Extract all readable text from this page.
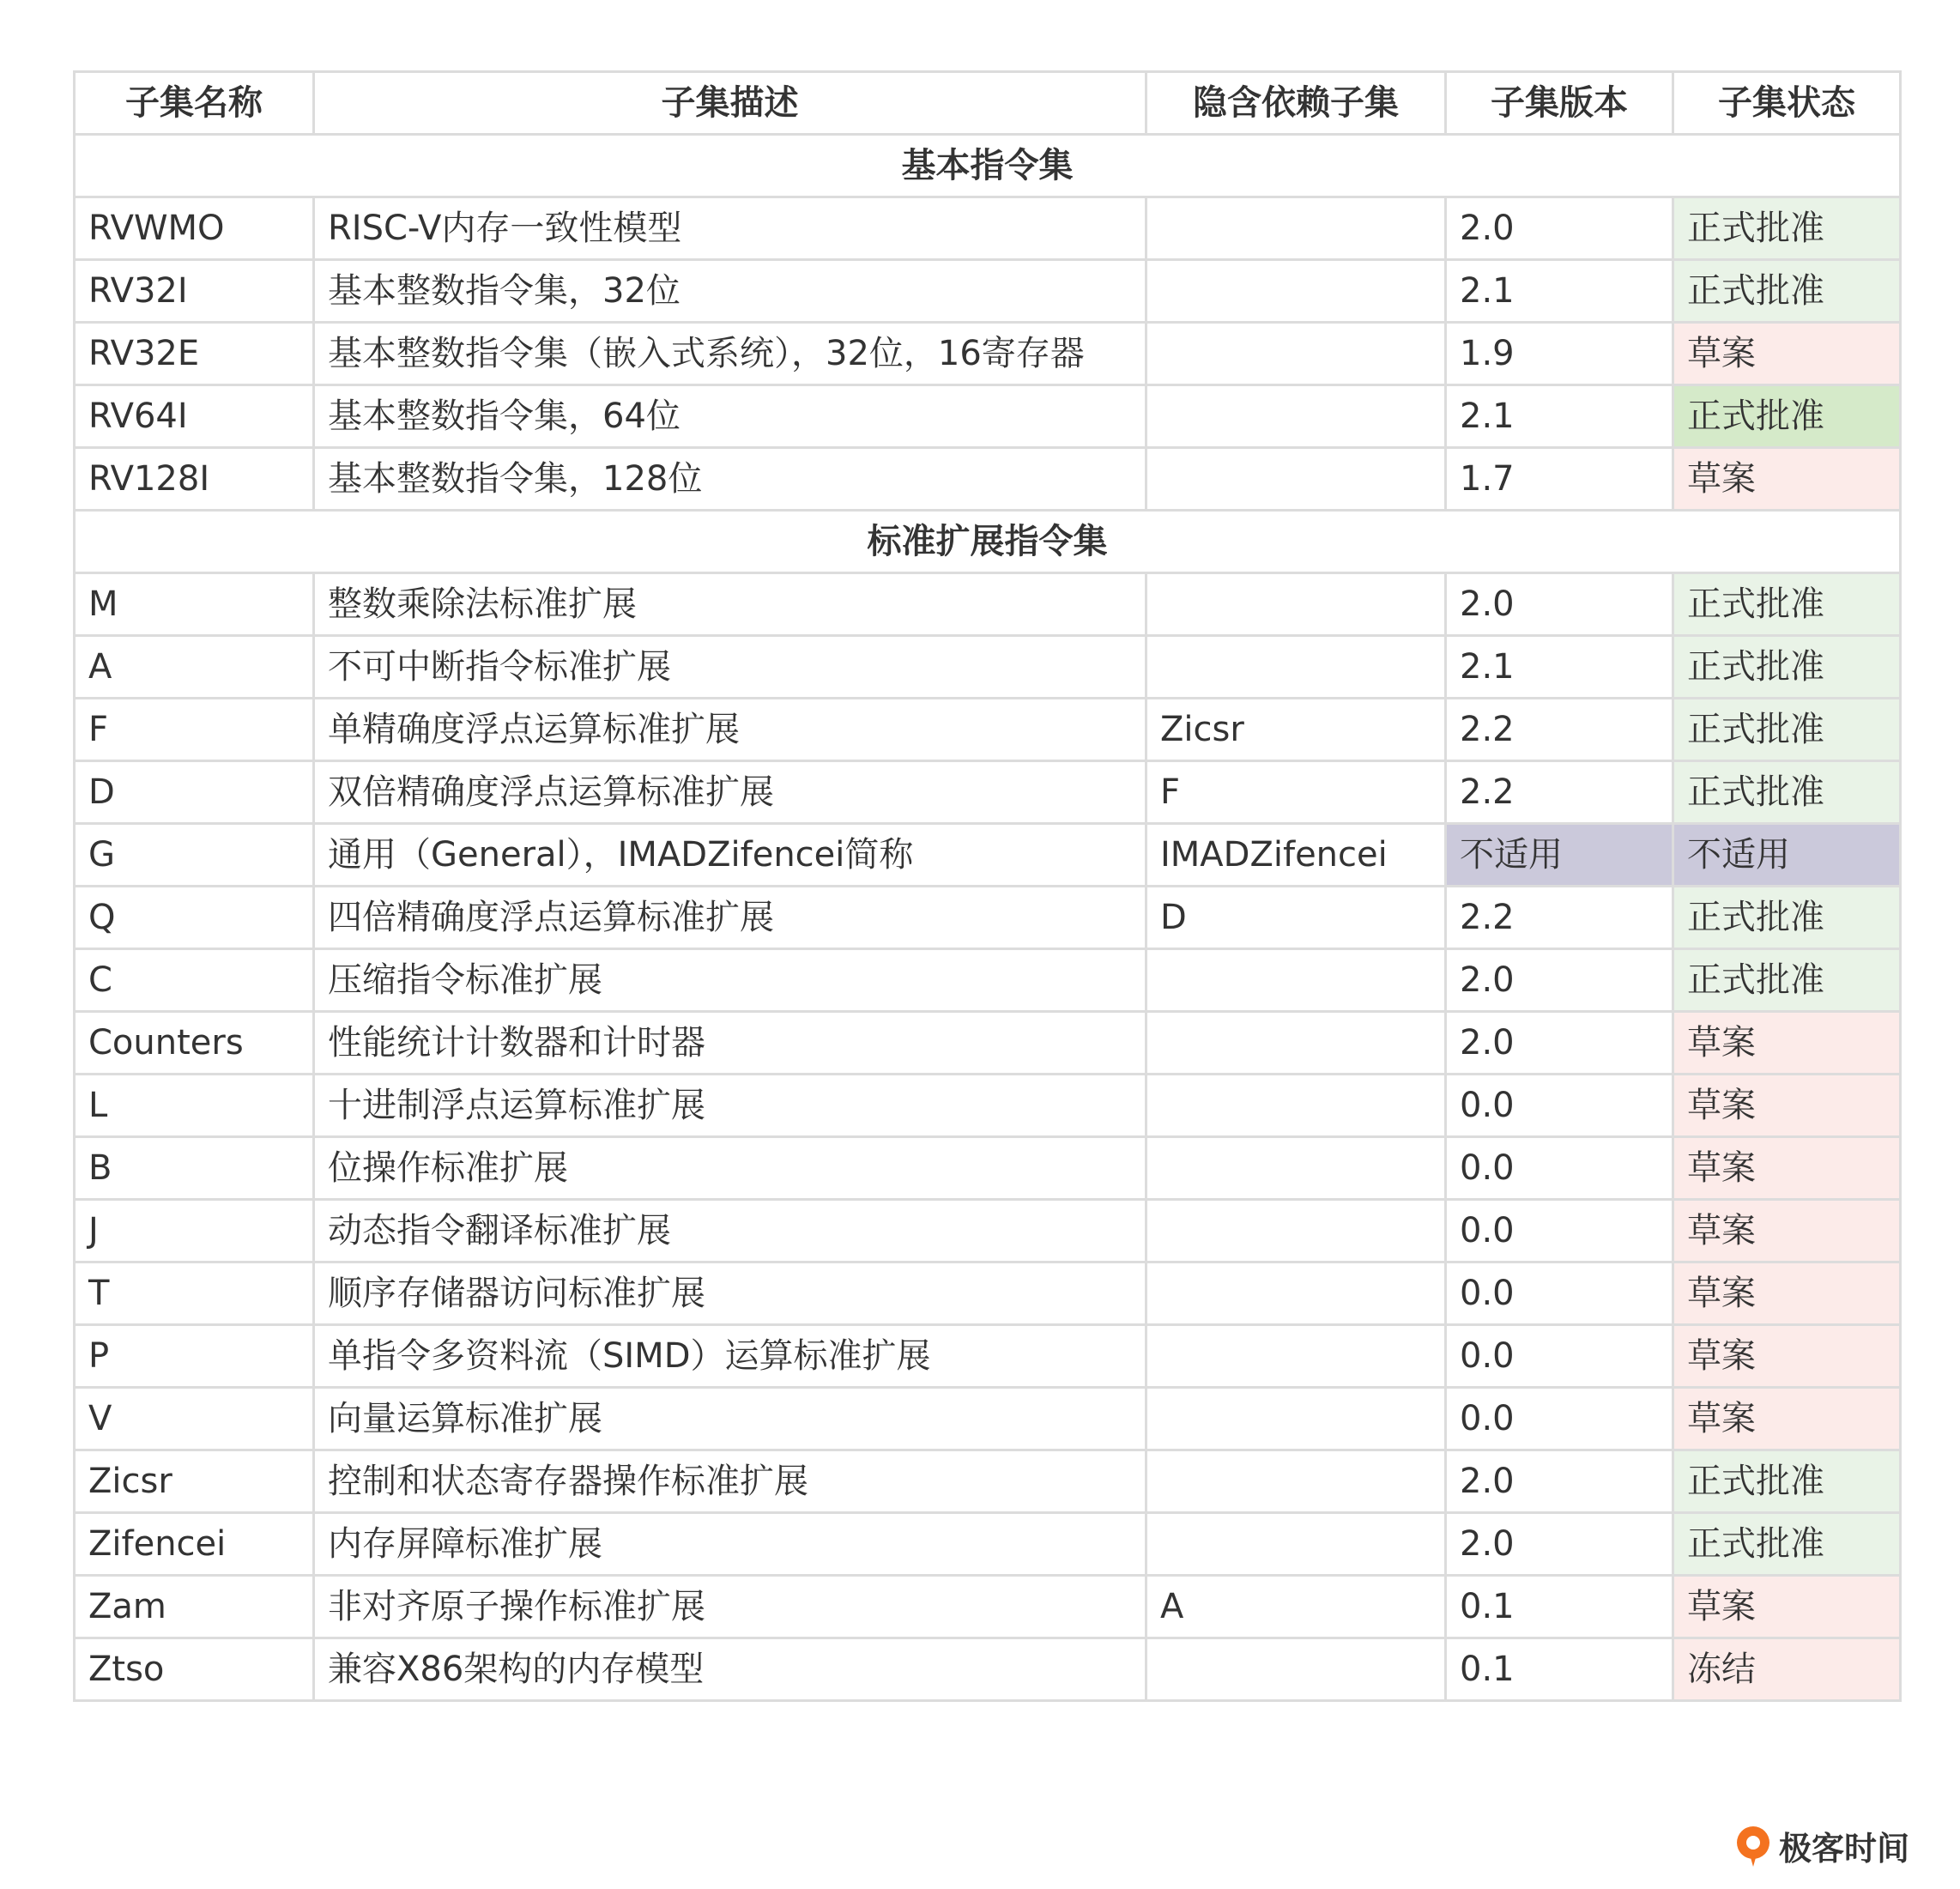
子集名称	子集描述	隐含依赖子集	子集版本	子集状态
基本指令集				
RVWMO	RISC-V内存一致性模型		2.0	正式批准
RV32I	基本整数指令集，32位		2.1	正式批准
RV32E	基本整数指令集（嵌入式系统），32位，16寄存器		1.9	草案
RV64I	基本整数指令集，64位		2.1	正式批准
RV128I	基本整数指令集，128位		1.7	草案
标准扩展指令集				
M	整数乘除法标准扩展		2.0	正式批准
A	不可中断指令标准扩展		2.1	正式批准
F	单精确度浮点运算标准扩展	Zicsr	2.2	正式批准
D	双倍精确度浮点运算标准扩展	F	2.2	正式批准
G	通用（General），IMADZifencei简称	IMADZifencei	不适用	不适用
Q	四倍精确度浮点运算标准扩展	D	2.2	正式批准
C	压缩指令标准扩展		2.0	正式批准
Counters	性能统计计数器和计时器		2.0	草案
L	十进制浮点运算标准扩展		0.0	草案
B	位操作标准扩展		0.0	草案
J	动态指令翻译标准扩展		0.0	草案
T	顺序存储器访问标准扩展		0.0	草案
P	单指令多资料流（SIMD）运算标准扩展		0.0	草案
V	向量运算标准扩展		0.0	草案
Zicsr	控制和状态寄存器操作标准扩展		2.0	正式批准
Zifencei	内存屏障标准扩展		2.0	正式批准
Zam	非对齐原子操作标准扩展	A	0.1	草案
Ztso	兼容X86架构的内存模型		0.1	冻结
极客时间
